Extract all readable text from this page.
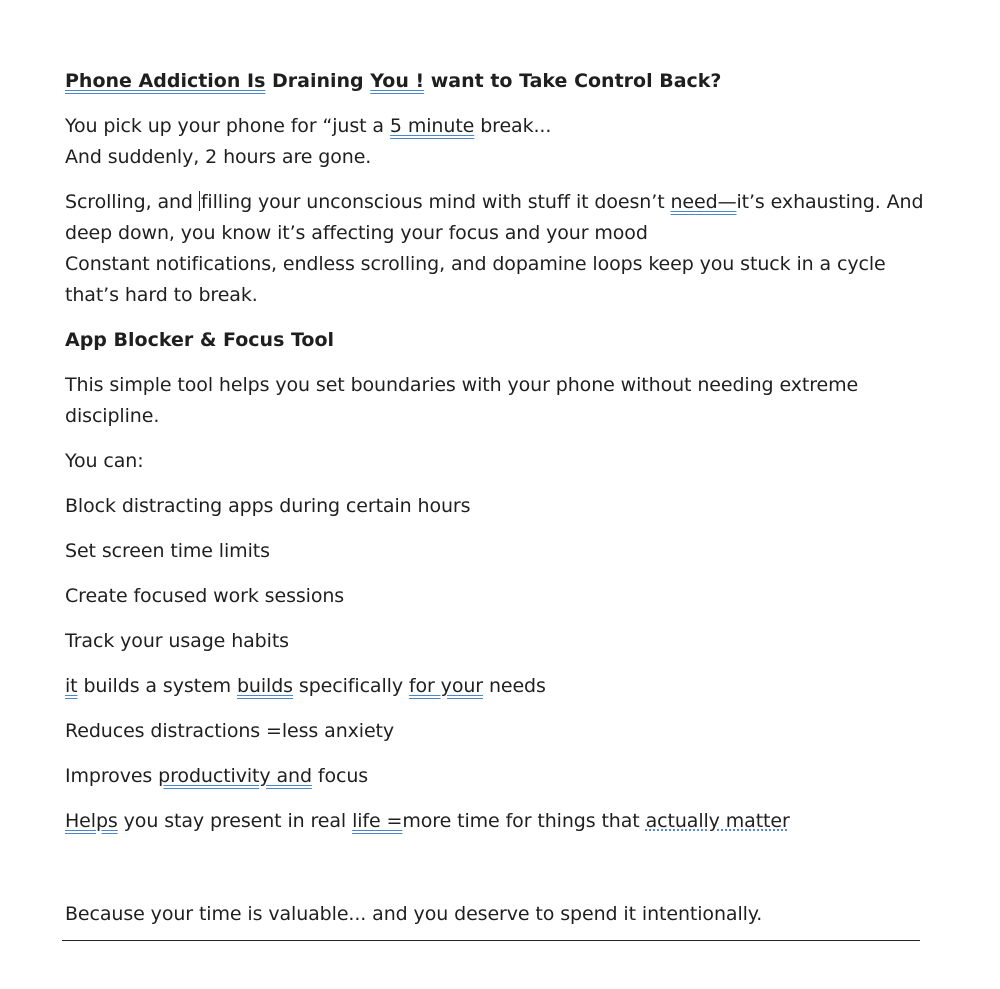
Phone Addiction Is Draining You ! want to Take Control Back?
You pick up your phone for “just a 5 minute break...
And suddenly, 2 hours are gone.
Scrolling, and filling your unconscious mind with stuff it doesn’t need—it’s exhausting. And deep down, you know it’s affecting your focus and your mood
Constant notifications, endless scrolling, and dopamine loops keep you stuck in a cycle that’s hard to break.
App Blocker & Focus Tool
This simple tool helps you set boundaries with your phone without needing extreme discipline.
You can:
Block distracting apps during certain hours
Set screen time limits
Create focused work sessions
Track your usage habits
it builds a system builds specifically for your needs
Reduces distractions =less anxiety
Improves productivity and focus
Helps you stay present in real life =more time for things that actually matter
Because your time is valuable... and you deserve to spend it intentionally.
